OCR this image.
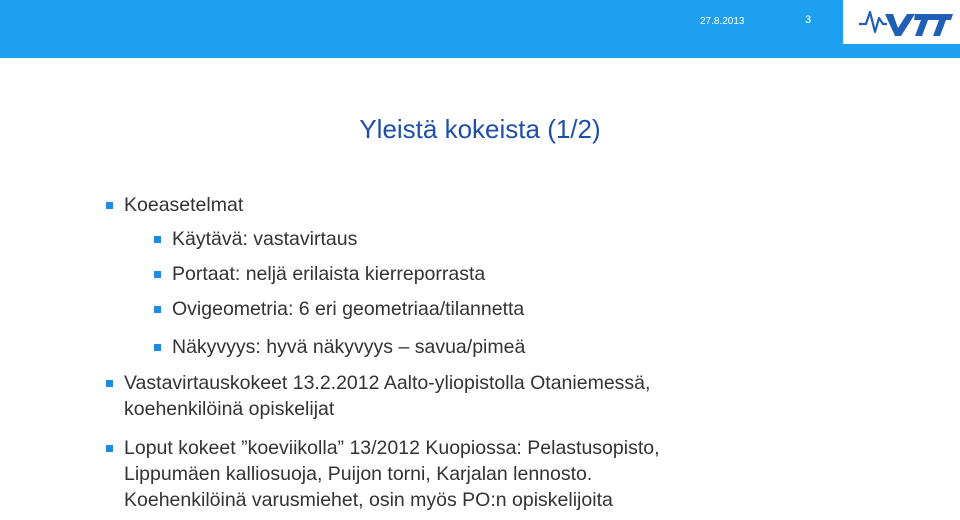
27.8.2013	3
Yleistä kokeista (1/2)
Koeasetelmat
Käytävä: vastavirtaus
Portaat: neljä erilaista kierreporrasta
Ovigeometria: 6 eri geometriaa/tilannetta
Näkyvyys: hyvä näkyvyys – savua/pimeä
Vastavirtauskokeet 13.2.2012 Aalto-yliopistolla Otaniemessä,
koehenkilöinä opiskelijat
Loput kokeet ”koeviikolla” 13/2012 Kuopiossa: Pelastusopisto,
Lippumäen kalliosuoja, Puijon torni, Karjalan lennosto.
Koehenkilöinä varusmiehet, osin myös PO:n opiskelijoita
